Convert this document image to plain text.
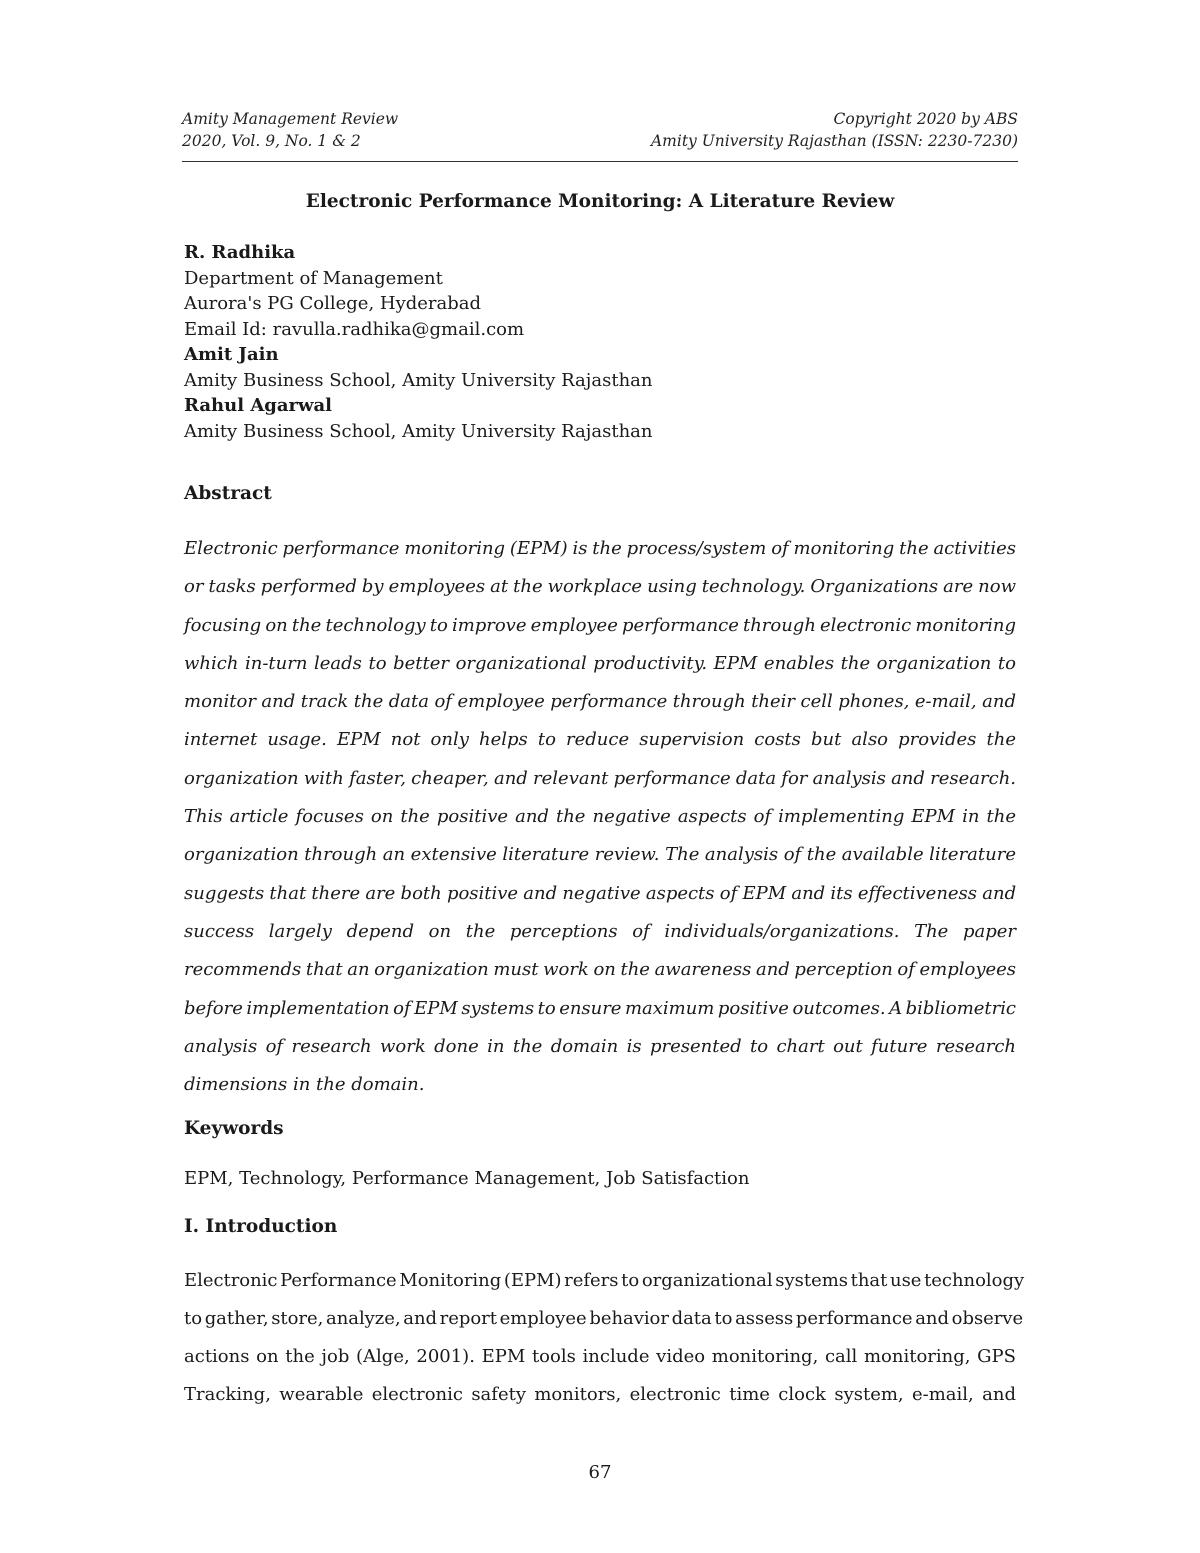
Amity Management Review
2020, Vol. 9, No. 1 & 2
Copyright 2020 by ABS
Amity University Rajasthan (ISSN: 2230-7230)
Electronic Performance Monitoring: A Literature Review
R. Radhika
Department of Management
Aurora's PG College, Hyderabad
Email Id: ravulla.radhika@gmail.com
Amit Jain
Amity Business School, Amity University Rajasthan
Rahul Agarwal
Amity Business School, Amity University Rajasthan
Abstract
Electronic performance monitoring (EPM) is the process/system of monitoring the activities
or tasks performed by employees at the workplace using technology. Organizations are now
focusing on the technology to improve employee performance through electronic monitoring
which in-turn leads to better organizational productivity. EPM enables the organization to
monitor and track the data of employee performance through their cell phones, e-mail, and
internet usage. EPM not only helps to reduce supervision costs but also provides the
organization with faster, cheaper, and relevant performance data for analysis and research.
This article focuses on the positive and the negative aspects of implementing EPM in the
organization through an extensive literature review. The analysis of the available literature
suggests that there are both positive and negative aspects of EPM and its effectiveness and
success largely depend on the perceptions of individuals/organizations. The paper
recommends that an organization must work on the awareness and perception of employees
before implementation of EPM systems to ensure maximum positive outcomes. A bibliometric
analysis of research work done in the domain is presented to chart out future research
dimensions in the domain.
Keywords
EPM, Technology, Performance Management, Job Satisfaction
I. Introduction
Electronic Performance Monitoring (EPM) refers to organizational systems that use technology
to gather, store, analyze, and report employee behavior data to assess performance and observe
actions on the job (Alge, 2001). EPM tools include video monitoring, call monitoring, GPS
Tracking, wearable electronic safety monitors, electronic time clock system, e-mail, and
67
